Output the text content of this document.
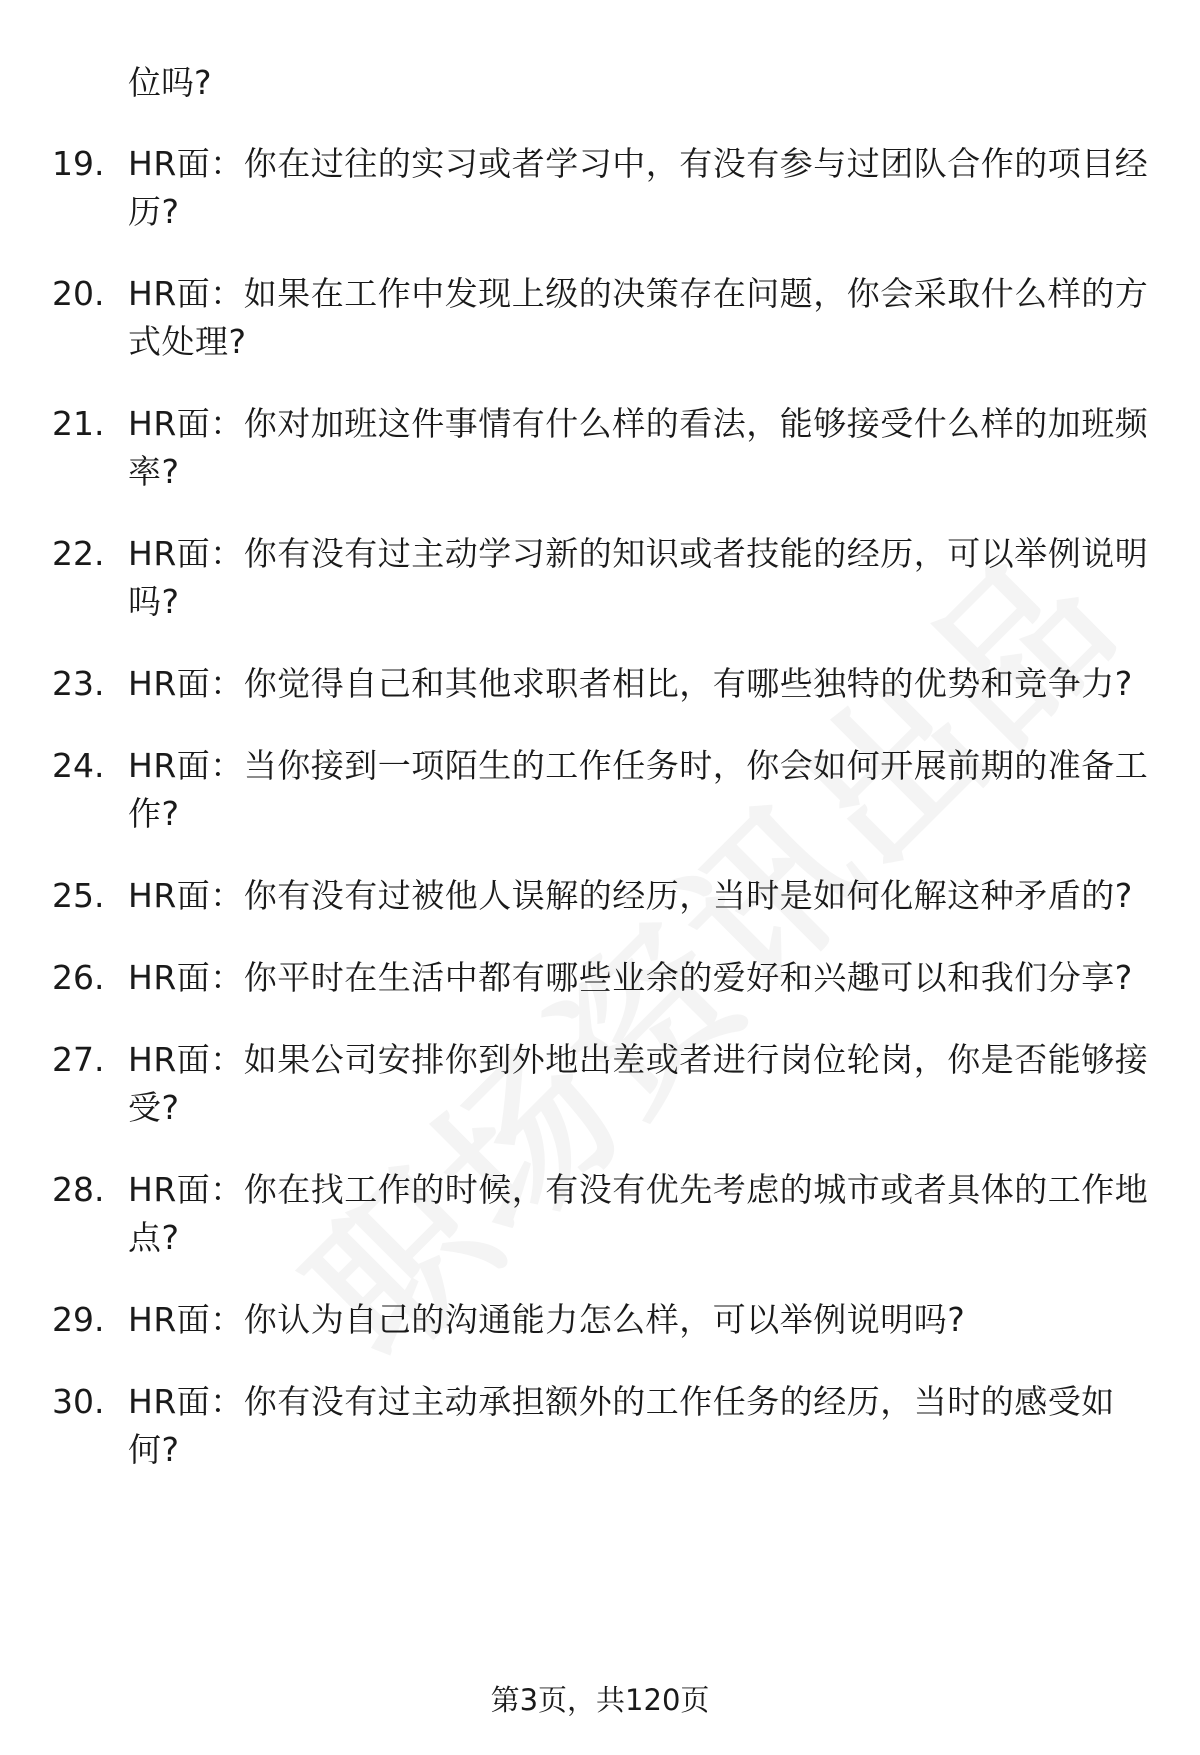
位吗?
19. HR面：你在过往的实习或者学习中，有没有参与过团队合作的项目经历?
20. HR面：如果在工作中发现上级的决策存在问题，你会采取什么样的方式处理?
21. HR面：你对加班这件事情有什么样的看法，能够接受什么样的加班频率?
22. HR面：你有没有过主动学习新的知识或者技能的经历，可以举例说明吗?
23. HR面：你觉得自己和其他求职者相比，有哪些独特的优势和竞争力?
24. HR面：当你接到一项陌生的工作任务时，你会如何开展前期的准备工作?
25. HR面：你有没有过被他人误解的经历，当时是如何化解这种矛盾的?
26. HR面：你平时在生活中都有哪些业余的爱好和兴趣可以和我们分享?
27. HR面：如果公司安排你到外地出差或者进行岗位轮岗，你是否能够接受?
28. HR面：你在找工作的时候，有没有优先考虑的城市或者具体的工作地点?
29. HR面：你认为自己的沟通能力怎么样，可以举例说明吗?
30. HR面：你有没有过主动承担额外的工作任务的经历，当时的感受如何?
第3页，共120页
